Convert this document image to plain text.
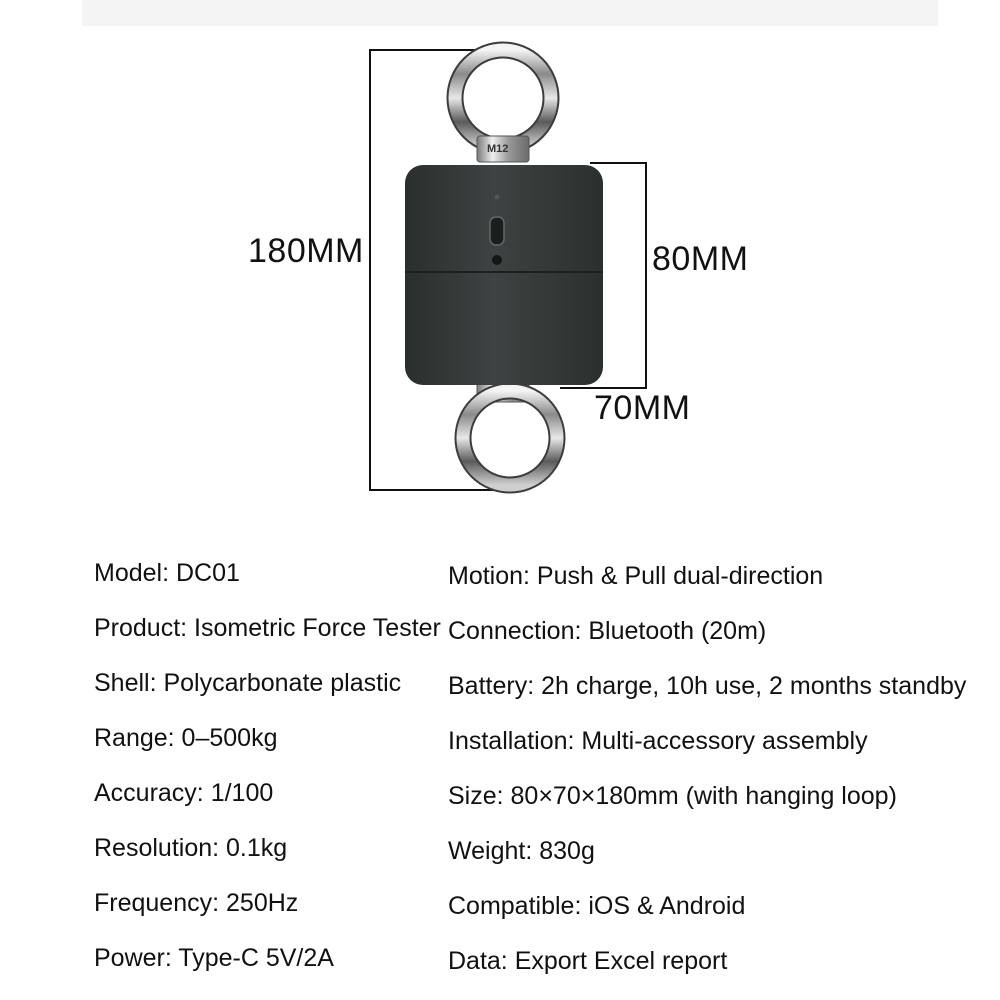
M12
180MM	80MM
70MM
Model: DC01
Product: Isometric Force Tester
Shell: Polycarbonate plastic
Range: 0–500kg
Accuracy: 1/100
Resolution: 0.1kg
Frequency: 250Hz
Power: Type-C 5V/2A
Motion: Push & Pull dual-direction
Connection: Bluetooth (20m)
Battery: 2h charge, 10h use, 2 months standby
Installation: Multi-accessory assembly
Size: 80×70×180mm (with hanging loop)
Weight: 830g
Compatible: iOS & Android
Data: Export Excel report
